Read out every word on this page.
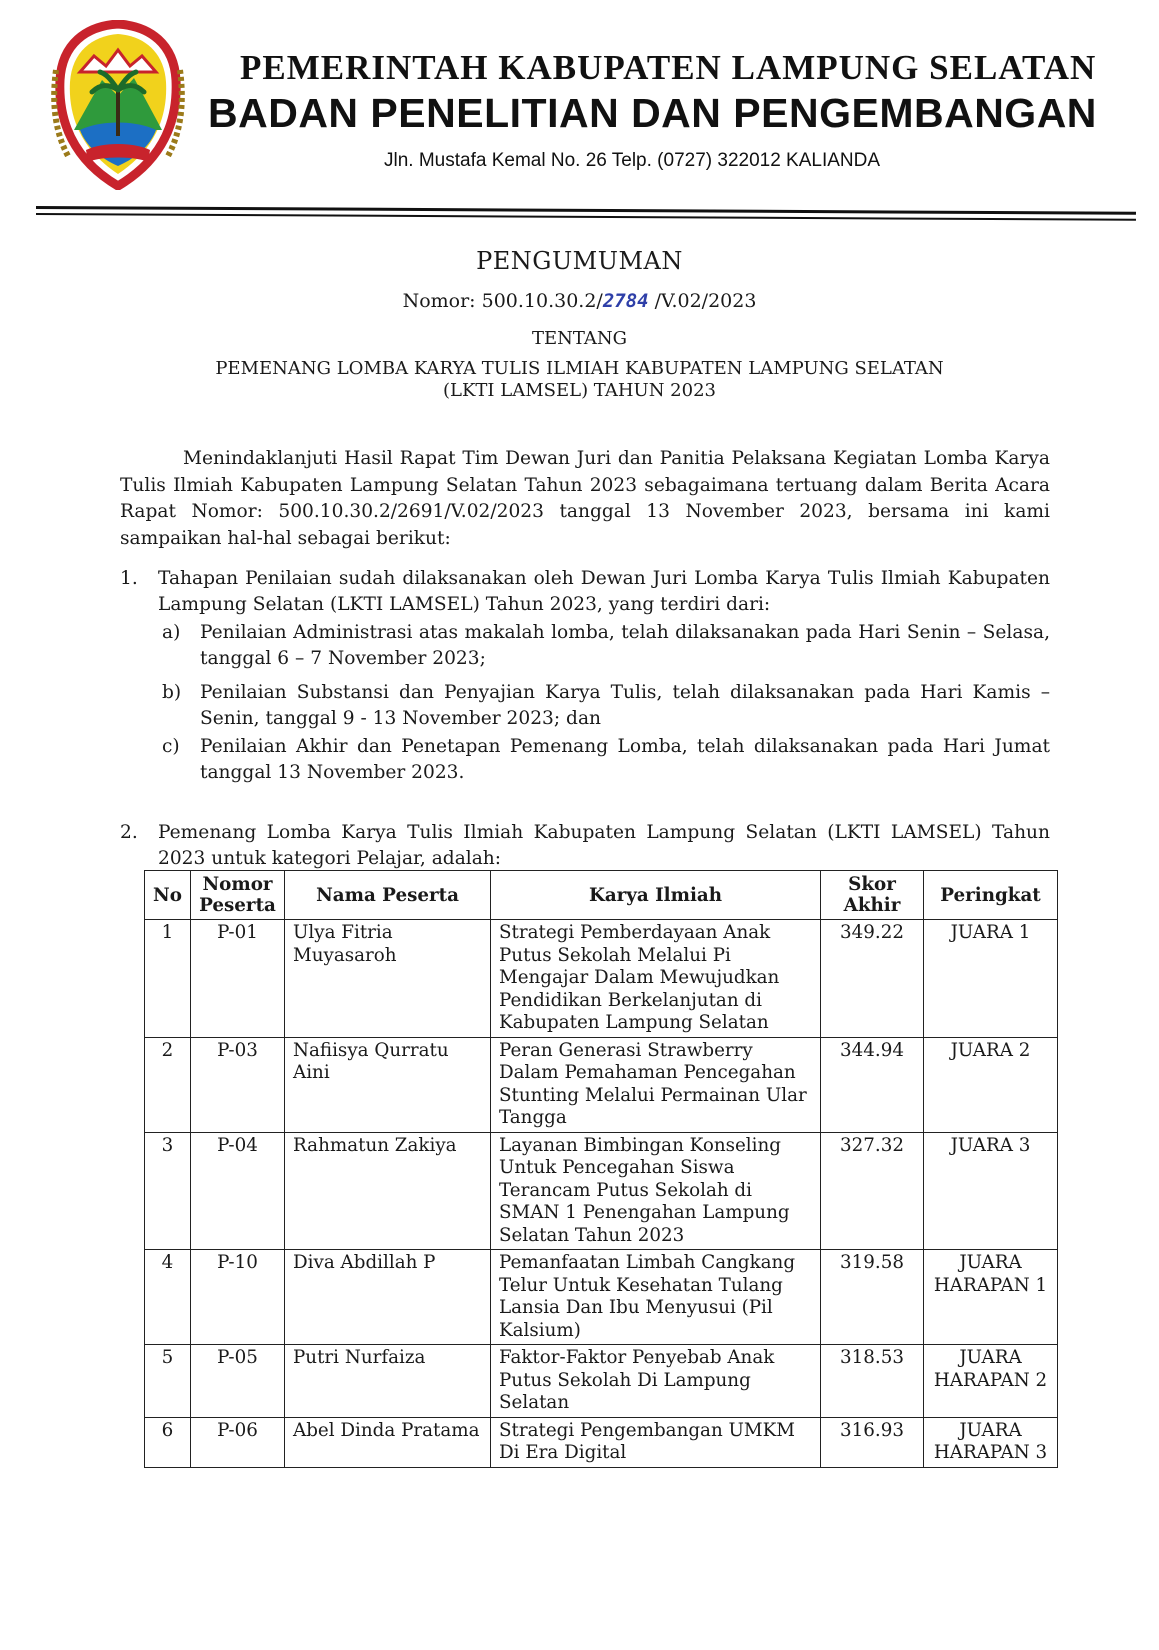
PEMERINTAH KABUPATEN LAMPUNG SELATAN
BADAN PENELITIAN DAN PENGEMBANGAN
Jln. Mustafa Kemal No. 26 Telp. (0727) 322012 KALIANDA
PENGUMUMAN
Nomor: 500.10.30.2/2784 /V.02/2023
TENTANG
PEMENANG LOMBA KARYA TULIS ILMIAH KABUPATEN LAMPUNG SELATAN
(LKTI LAMSEL) TAHUN 2023

Menindaklanjuti Hasil Rapat Tim Dewan Juri dan Panitia Pelaksana Kegiatan Lomba Karya Tulis Ilmiah Kabupaten Lampung Selatan Tahun 2023 sebagaimana tertuang dalam Berita Acara Rapat Nomor: 500.10.30.2/2691/V.02/2023 tanggal 13 November 2023, bersama ini kami sampaikan hal-hal sebagai berikut:

1. Tahapan Penilaian sudah dilaksanakan oleh Dewan Juri Lomba Karya Tulis Ilmiah Kabupaten Lampung Selatan (LKTI LAMSEL) Tahun 2023, yang terdiri dari:
a) Penilaian Administrasi atas makalah lomba, telah dilaksanakan pada Hari Senin – Selasa, tanggal 6 – 7 November 2023;
b) Penilaian Substansi dan Penyajian Karya Tulis, telah dilaksanakan pada Hari Kamis – Senin, tanggal 9 - 13 November 2023; dan
c) Penilaian Akhir dan Penetapan Pemenang Lomba, telah dilaksanakan pada Hari Jumat tanggal 13 November 2023.
2. Pemenang Lomba Karya Tulis Ilmiah Kabupaten Lampung Selatan (LKTI LAMSEL) Tahun 2023 untuk kategori Pelajar, adalah:
No	Nomor Peserta	Nama Peserta	Karya Ilmiah	Skor Akhir	Peringkat
1	P-01	Ulya Fitria Muyasaroh	Strategi Pemberdayaan Anak Putus Sekolah Melalui Pi Mengajar Dalam Mewujudkan Pendidikan Berkelanjutan di Kabupaten Lampung Selatan	349.22	JUARA 1
2	P-03	Nafiisya Qurratu Aini	Peran Generasi Strawberry Dalam Pemahaman Pencegahan Stunting Melalui Permainan Ular Tangga	344.94	JUARA 2
3	P-04	Rahmatun Zakiya	Layanan Bimbingan Konseling Untuk Pencegahan Siswa Terancam Putus Sekolah di SMAN 1 Penengahan Lampung Selatan Tahun 2023	327.32	JUARA 3
4	P-10	Diva Abdillah P	Pemanfaatan Limbah Cangkang Telur Untuk Kesehatan Tulang Lansia Dan Ibu Menyusui (Pil Kalsium)	319.58	JUARA HARAPAN 1
5	P-05	Putri Nurfaiza	Faktor-Faktor Penyebab Anak Putus Sekolah Di Lampung Selatan	318.53	JUARA HARAPAN 2
6	P-06	Abel Dinda Pratama	Strategi Pengembangan UMKM Di Era Digital	316.93	JUARA HARAPAN 3
